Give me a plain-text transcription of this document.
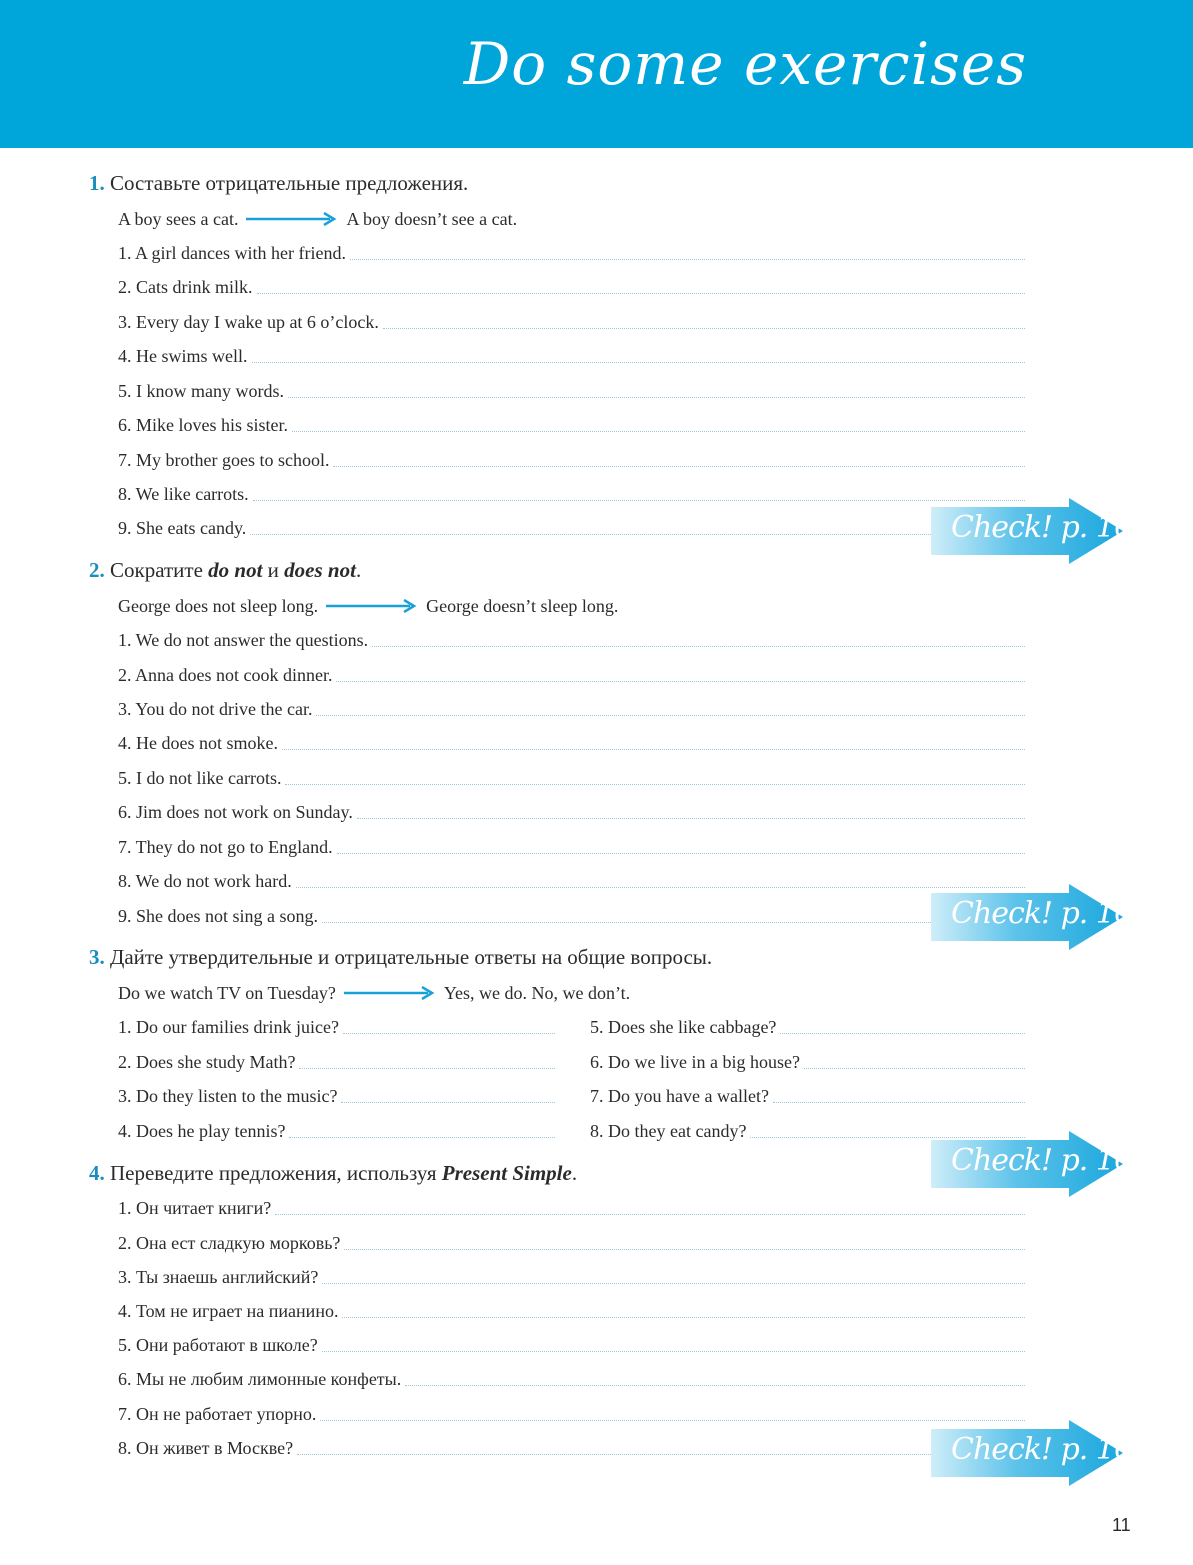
Do some exercises
1. Составьте отрицательные предложения.
A boy sees a cat.	A boy doesn’t see a cat.
1. A girl dances with her friend.
2. Cats drink milk.
3. Every day I wake up at 6 o’clock.
4. He swims well.
5. I know many words.
6. Mike loves his sister.
7. My brother goes to school.
8. We like carrots.
9. She eats candy.	Check! p. 107
2. Сократите do not и does not.
George does not sleep long.	George doesn’t sleep long.
1. We do not answer the questions.
2. Anna does not cook dinner.
3. You do not drive the car.
4. He does not smoke.
5. I do not like carrots.
6. Jim does not work on Sunday.
7. They do not go to England.
8. We do not work hard.
9. She does not sing a song.	Check! p. 107
3. Дайте утвердительные и отрицательные ответы на общие вопросы.
Do we watch TV on Tuesday?	Yes, we do. No, we don’t.
1. Do our families drink juice?
2. Does she study Math?
3. Do they listen to the music?
4. Does he play tennis?
5. Does she like cabbage?
6. Do we live in a big house?
7. Do you have a wallet?
8. Do they eat candy?
Check! p. 107
4. Переведите предложения, используя Present Simple.
1. Он читает книги?
2. Она ест сладкую морковь?
3. Ты знаешь английский?
4. Том не играет на пианино.
5. Они работают в школе?
6. Мы не любим лимонные конфеты.
7. Он не работает упорно.
8. Он живет в Москве?	Check! p. 107
11
